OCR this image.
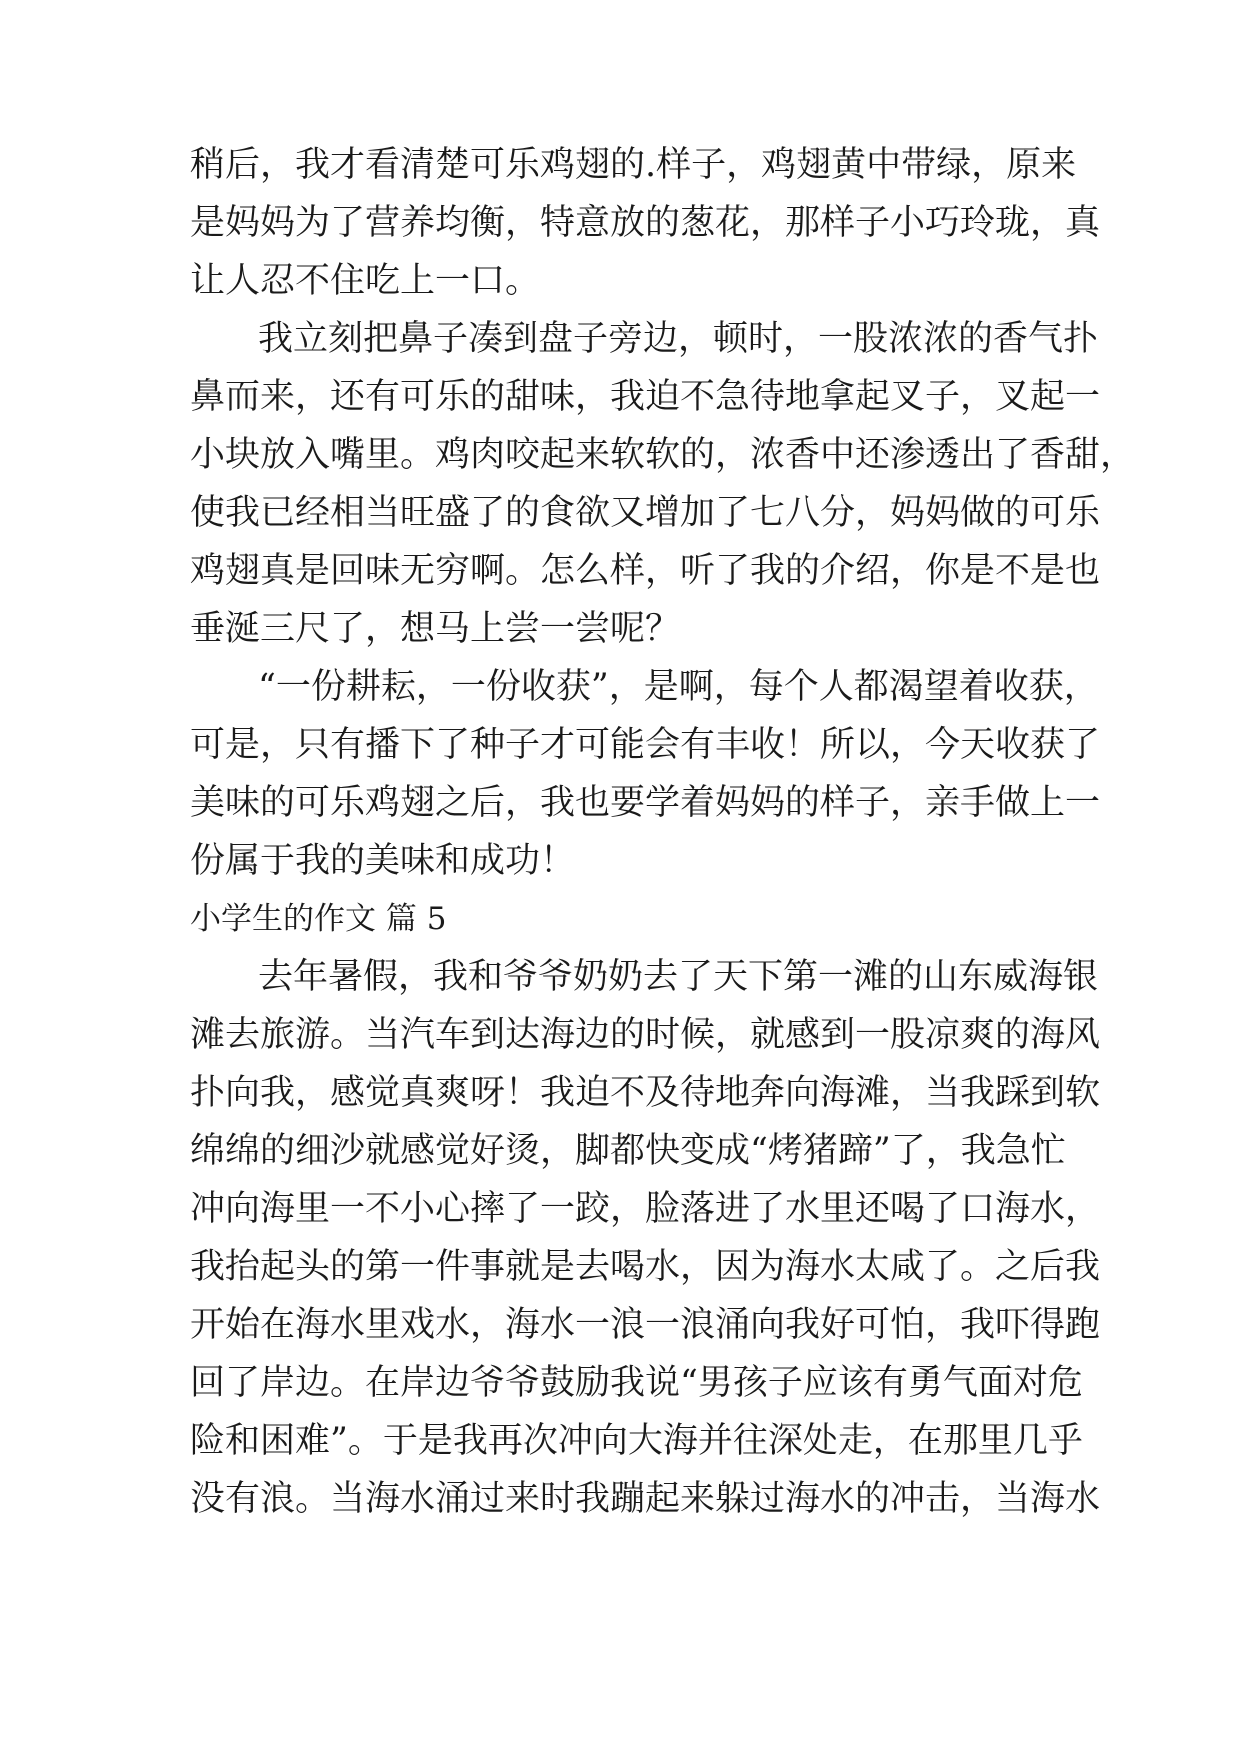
稍后，我才看清楚可乐鸡翅的.样子，鸡翅黄中带绿，原来
是妈妈为了营养均衡，特意放的葱花，那样子小巧玲珑，真
让人忍不住吃上一口。
我立刻把鼻子凑到盘子旁边，顿时，一股浓浓的香气扑
鼻而来，还有可乐的甜味，我迫不急待地拿起叉子，叉起一
小块放入嘴里。鸡肉咬起来软软的，浓香中还渗透出了香甜，
使我已经相当旺盛了的食欲又增加了七八分，妈妈做的可乐
鸡翅真是回味无穷啊。怎么样，听了我的介绍，你是不是也
垂涎三尺了，想马上尝一尝呢？
“一份耕耘，一份收获”，是啊，每个人都渴望着收获，
可是，只有播下了种子才可能会有丰收！所以，今天收获了
美味的可乐鸡翅之后，我也要学着妈妈的样子，亲手做上一
份属于我的美味和成功！
小学生的作文 篇 5
去年暑假，我和爷爷奶奶去了天下第一滩的山东威海银
滩去旅游。当汽车到达海边的时候，就感到一股凉爽的海风
扑向我，感觉真爽呀！我迫不及待地奔向海滩，当我踩到软
绵绵的细沙就感觉好烫，脚都快变成“烤猪蹄”了，我急忙
冲向海里一不小心摔了一跤，脸落进了水里还喝了口海水，
我抬起头的第一件事就是去喝水，因为海水太咸了。之后我
开始在海水里戏水，海水一浪一浪涌向我好可怕，我吓得跑
回了岸边。在岸边爷爷鼓励我说“男孩子应该有勇气面对危
险和困难”。于是我再次冲向大海并往深处走，在那里几乎
没有浪。当海水涌过来时我蹦起来躲过海水的冲击，当海水
